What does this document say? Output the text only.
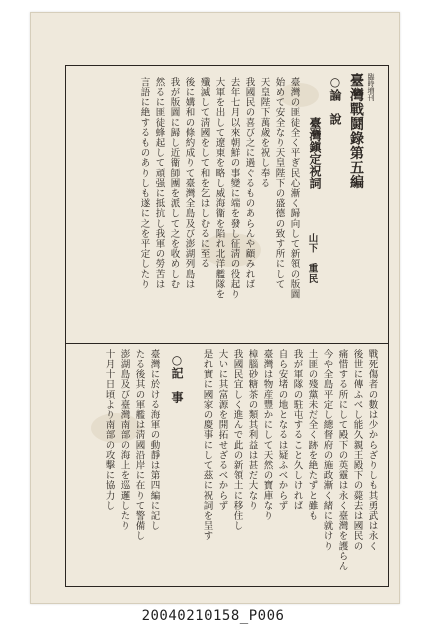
臨時増刊
臺灣戰鬪錄第五編
○論　說
臺灣鎭定祝詞
山下　重民
臺灣の匪徒全く平ぎ民心漸く歸向して新領の版圖
始めて安全なり天皇陛下の盛德の致す所にして
天皇陛下萬歲を祝し奉る
我國民の喜び之に過ぐるものあらんや顧みれば
去年七月以來朝鮮の事變に端を發し征淸の役起り
大軍を出して遼東を略し威海衞を陷れ北洋艦隊を
殲滅して淸國をして和を乞はしむるに至る
後に媾和の條約成りて臺灣全島及び澎湖列島は
我が版圖に歸し近衞師團を派して之を收めしむ
然るに匪徒蜂起して頑强に抵抗し我軍の勞苦は
言語に絶するものありしも遂に之を平定したり
戰死傷者の數は少からざりしも其勇武は永く
後世に傳ふべし能久親王殿下の薨去は國民の
痛惜する所にして殿下の英靈は永く臺灣を護らん
今や全島平定し總督府の施政漸く緒に就けり
土匪の殘黨未だ全く跡を絶たずと雖も
我が軍隊の駐屯すること久しければ
自ら安堵の地となるは疑ふべからず
臺灣は物産豐かにして天然の寶庫なり
樟腦砂糖茶の類其利益は甚だ大なり
我國民宜しく進んで此の新領土に移住し
大いに其富源を開拓せざるべからず
是れ實に國家の慶事にして茲に祝詞を呈す
○記　事
臺灣に於ける海軍の動靜は第四編に記し
たる後其の軍艦は淸國沿岸に在りて警備し
澎湖島及び臺灣南部の海上を巡邏したり
十月十日頃より南部の攻擊に協力し
20040210158_P006
